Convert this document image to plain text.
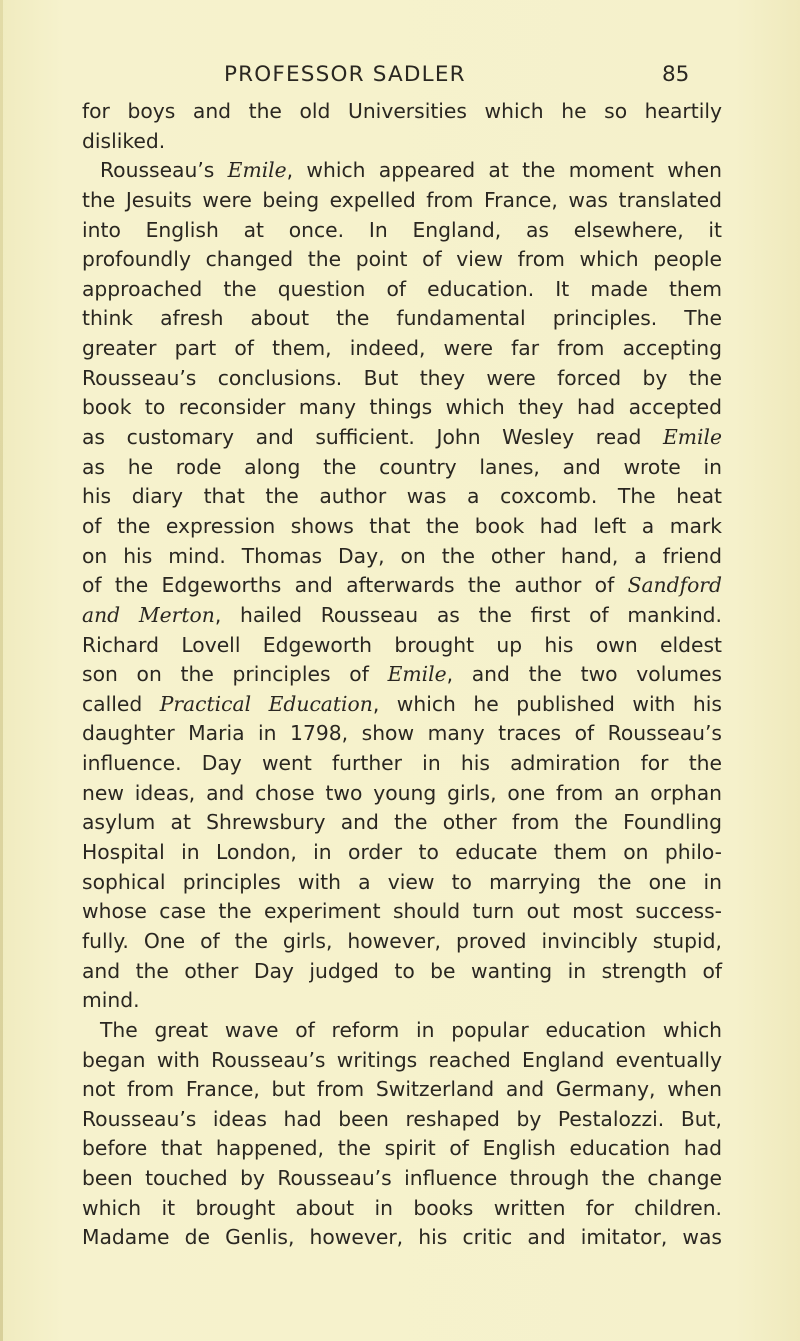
PROFESSOR SADLER	85
for boys and the old Universities which he so heartily
disliked.
Rousseau’s Emile, which appeared at the moment when
the Jesuits were being expelled from France, was translated
into English at once. In England, as elsewhere, it
profoundly changed the point of view from which people
approached the question of education. It made them
think afresh about the fundamental principles. The
greater part of them, indeed, were far from accepting
Rousseau’s conclusions. But they were forced by the
book to reconsider many things which they had accepted
as customary and sufficient. John Wesley read Emile
as he rode along the country lanes, and wrote in
his diary that the author was a coxcomb. The heat
of the expression shows that the book had left a mark
on his mind. Thomas Day, on the other hand, a friend
of the Edgeworths and afterwards the author of Sandford
and Merton, hailed Rousseau as the first of mankind.
Richard Lovell Edgeworth brought up his own eldest
son on the principles of Emile, and the two volumes
called Practical Education, which he published with his
daughter Maria in 1798, show many traces of Rousseau’s
influence. Day went further in his admiration for the
new ideas, and chose two young girls, one from an orphan
asylum at Shrewsbury and the other from the Foundling
Hospital in London, in order to educate them on philo-
sophical principles with a view to marrying the one in
whose case the experiment should turn out most success-
fully. One of the girls, however, proved invincibly stupid,
and the other Day judged to be wanting in strength of
mind.
The great wave of reform in popular education which
began with Rousseau’s writings reached England eventually
not from France, but from Switzerland and Germany, when
Rousseau’s ideas had been reshaped by Pestalozzi. But,
before that happened, the spirit of English education had
been touched by Rousseau’s influence through the change
which it brought about in books written for children.
Madame de Genlis, however, his critic and imitator, was
